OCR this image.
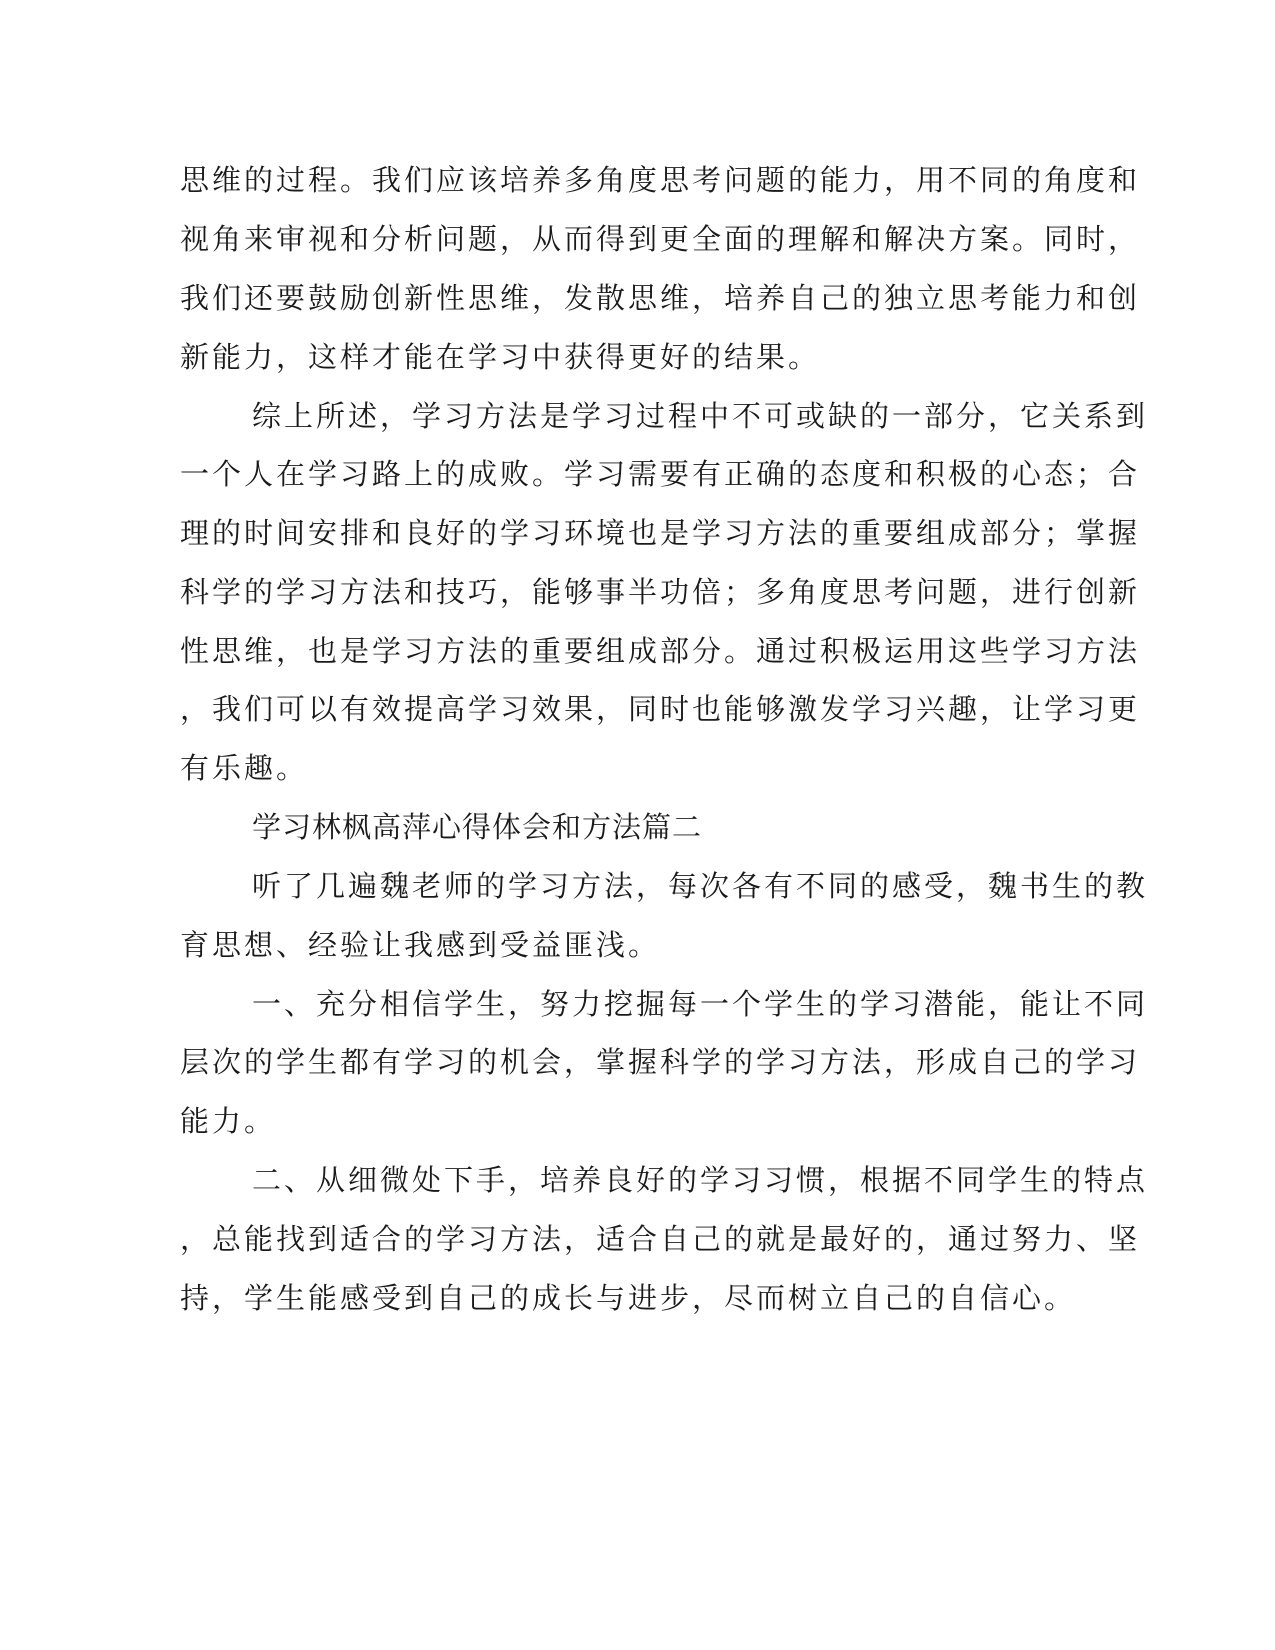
思维的过程。我们应该培养多角度思考问题的能力，用不同的角度和
视角来审视和分析问题，从而得到更全面的理解和解决方案。同时，
我们还要鼓励创新性思维，发散思维，培养自己的独立思考能力和创
新能力，这样才能在学习中获得更好的结果。
综上所述，学习方法是学习过程中不可或缺的一部分，它关系到
一个人在学习路上的成败。学习需要有正确的态度和积极的心态；合
理的时间安排和良好的学习环境也是学习方法的重要组成部分；掌握
科学的学习方法和技巧，能够事半功倍；多角度思考问题，进行创新
性思维，也是学习方法的重要组成部分。通过积极运用这些学习方法
，我们可以有效提高学习效果，同时也能够激发学习兴趣，让学习更
有乐趣。
学习林枫高萍心得体会和方法篇二
听了几遍魏老师的学习方法，每次各有不同的感受，魏书生的教
育思想、经验让我感到受益匪浅。
一、充分相信学生，努力挖掘每一个学生的学习潜能，能让不同
层次的学生都有学习的机会，掌握科学的学习方法，形成自己的学习
能力。
二、从细微处下手，培养良好的学习习惯，根据不同学生的特点
，总能找到适合的学习方法，适合自己的就是最好的，通过努力、坚
持，学生能感受到自己的成长与进步，尽而树立自己的自信心。
